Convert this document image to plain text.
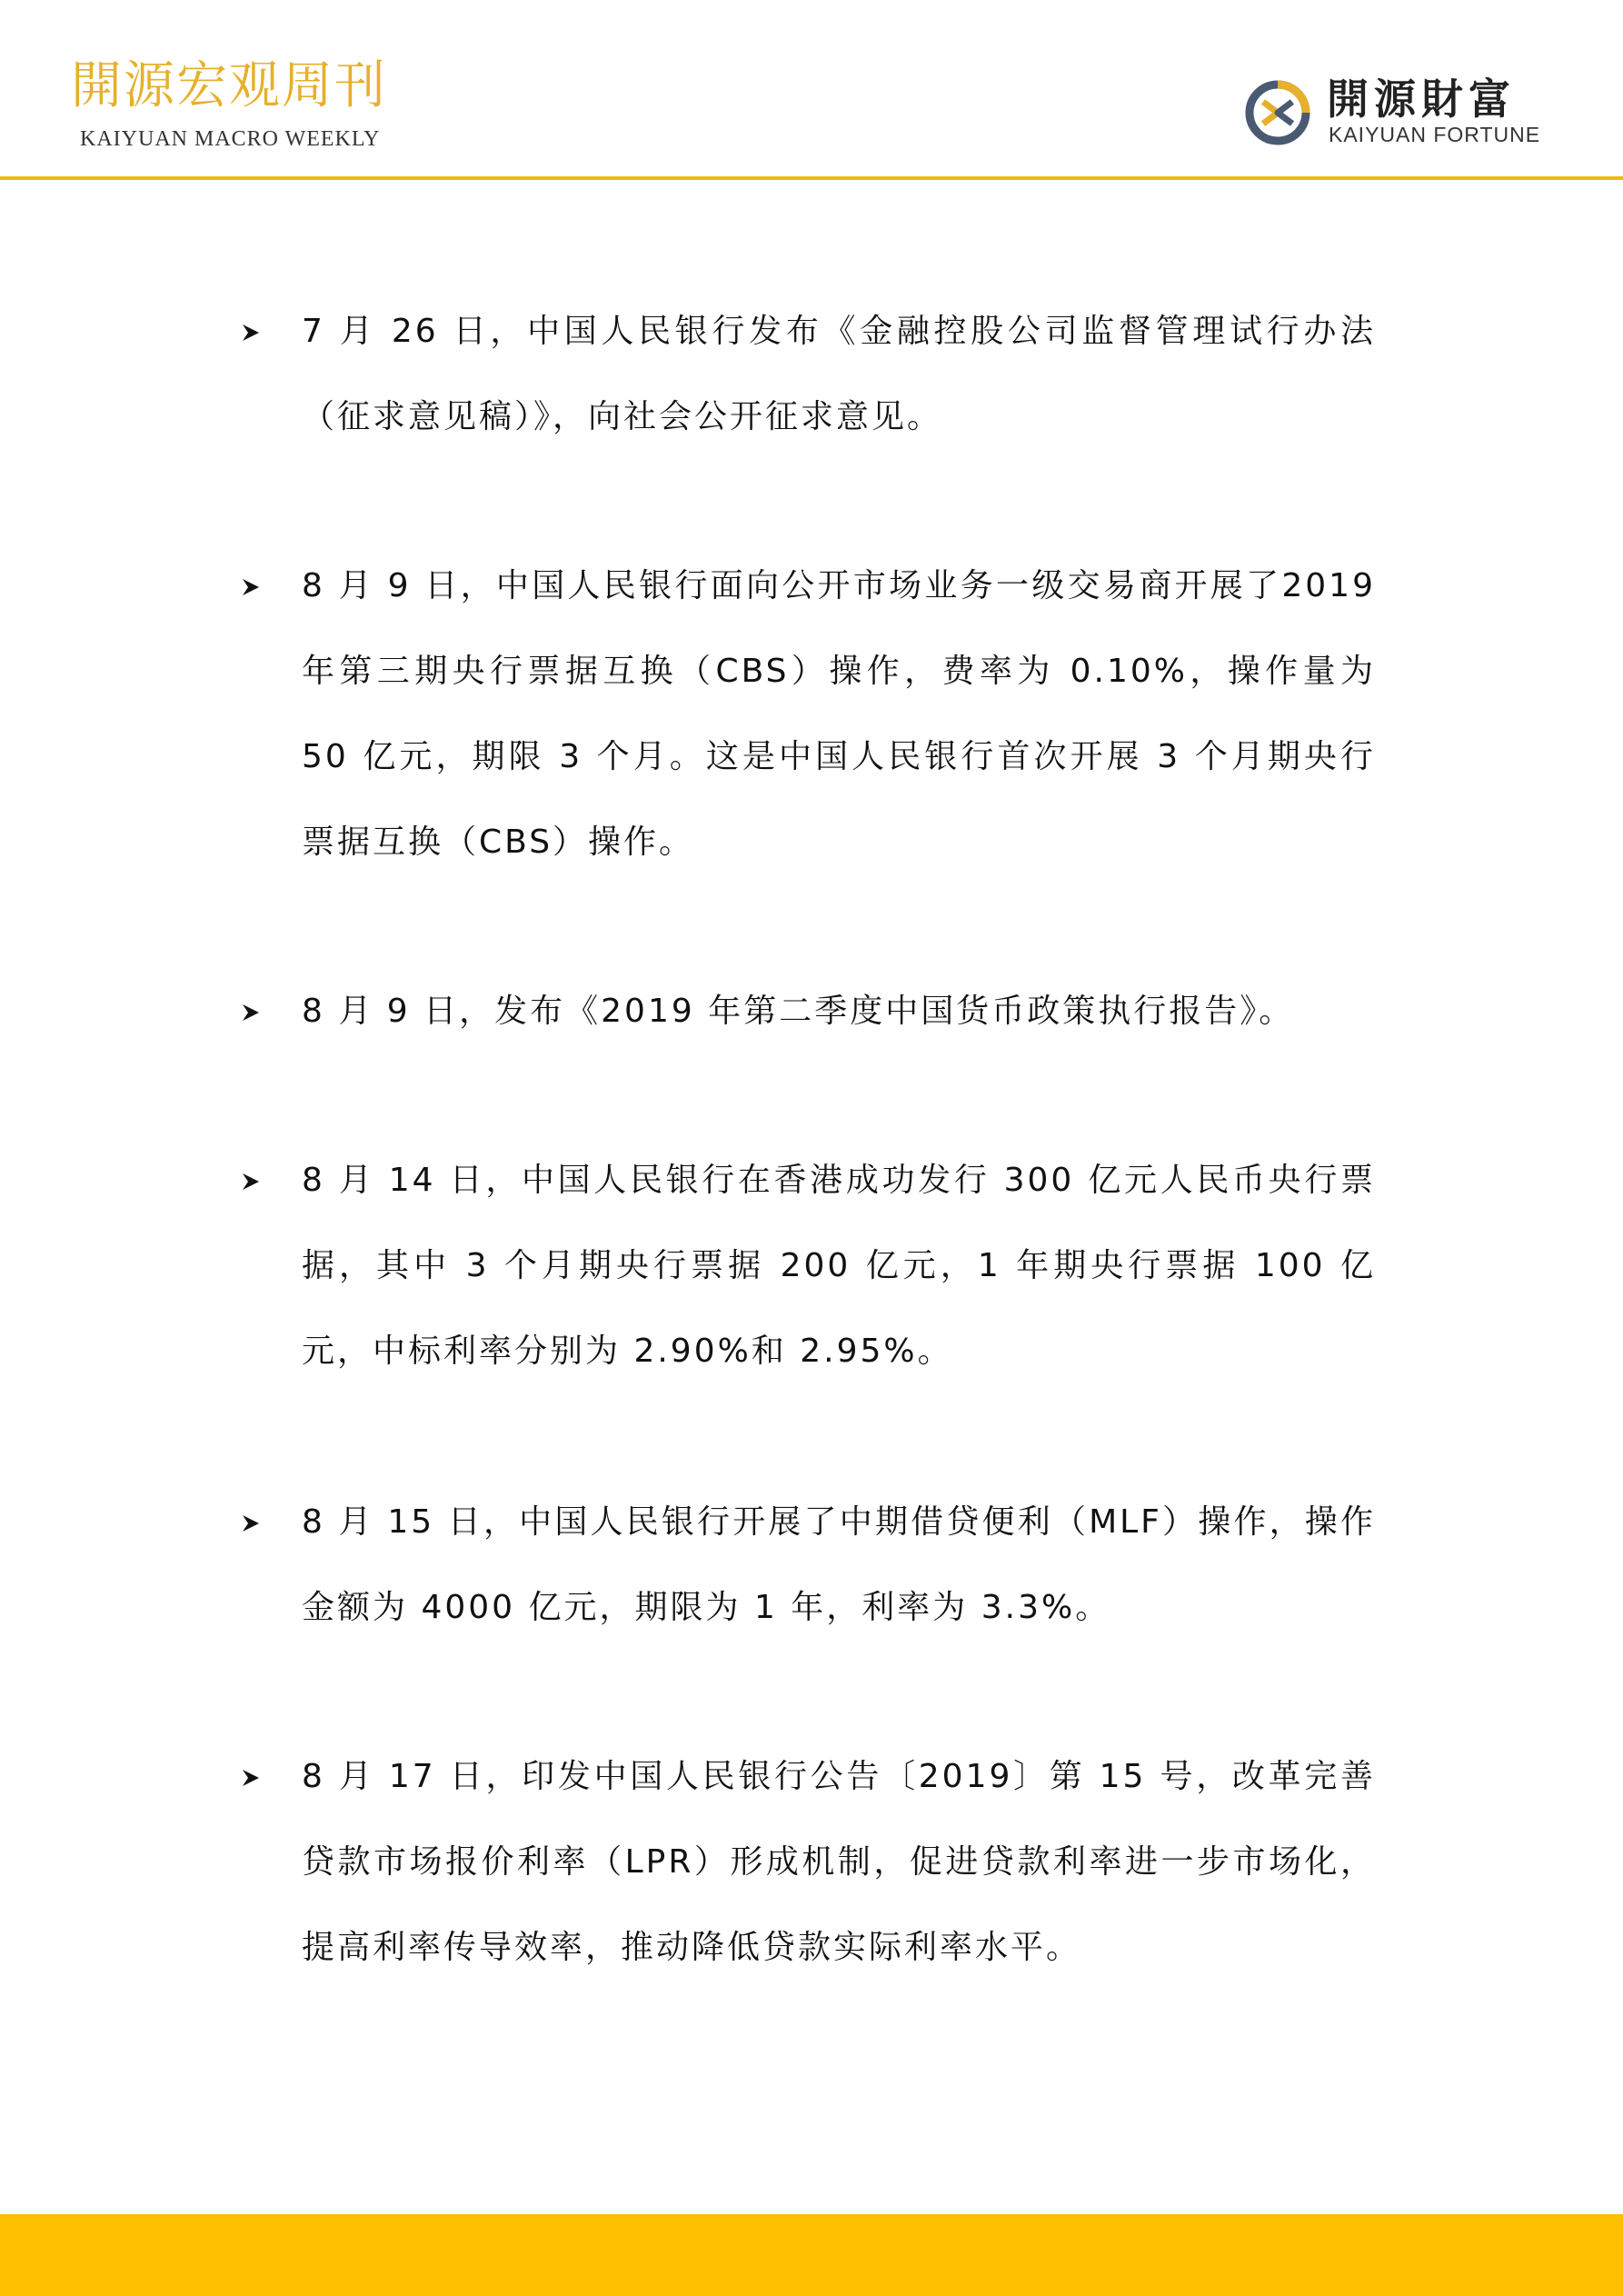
開源宏观周刊
KAIYUAN MACRO WEEKLY
開源財富
KAIYUAN FORTUNE

7 月 26 日，中国人民银行发布《金融控股公司监督管理试行办法（征求意见稿）》，向社会公开征求意见。

8 月 9 日，中国人民银行面向公开市场业务一级交易商开展了2019 年第三期央行票据互换（CBS）操作，费率为 0.10%，操作量为 50 亿元，期限 3 个月。这是中国人民银行首次开展 3 个月期央行票据互换（CBS）操作。

8 月 9 日，发布《2019 年第二季度中国货币政策执行报告》。

8 月 14 日，中国人民银行在香港成功发行 300 亿元人民币央行票据，其中 3 个月期央行票据 200 亿元，1 年期央行票据 100 亿元，中标利率分别为 2.90%和 2.95%。

8 月 15 日，中国人民银行开展了中期借贷便利（MLF）操作，操作金额为 4000 亿元，期限为 1 年，利率为 3.3%。

8 月 17 日，印发中国人民银行公告〔2019〕第 15 号，改革完善贷款市场报价利率（LPR）形成机制，促进贷款利率进一步市场化，提高利率传导效率，推动降低贷款实际利率水平。
